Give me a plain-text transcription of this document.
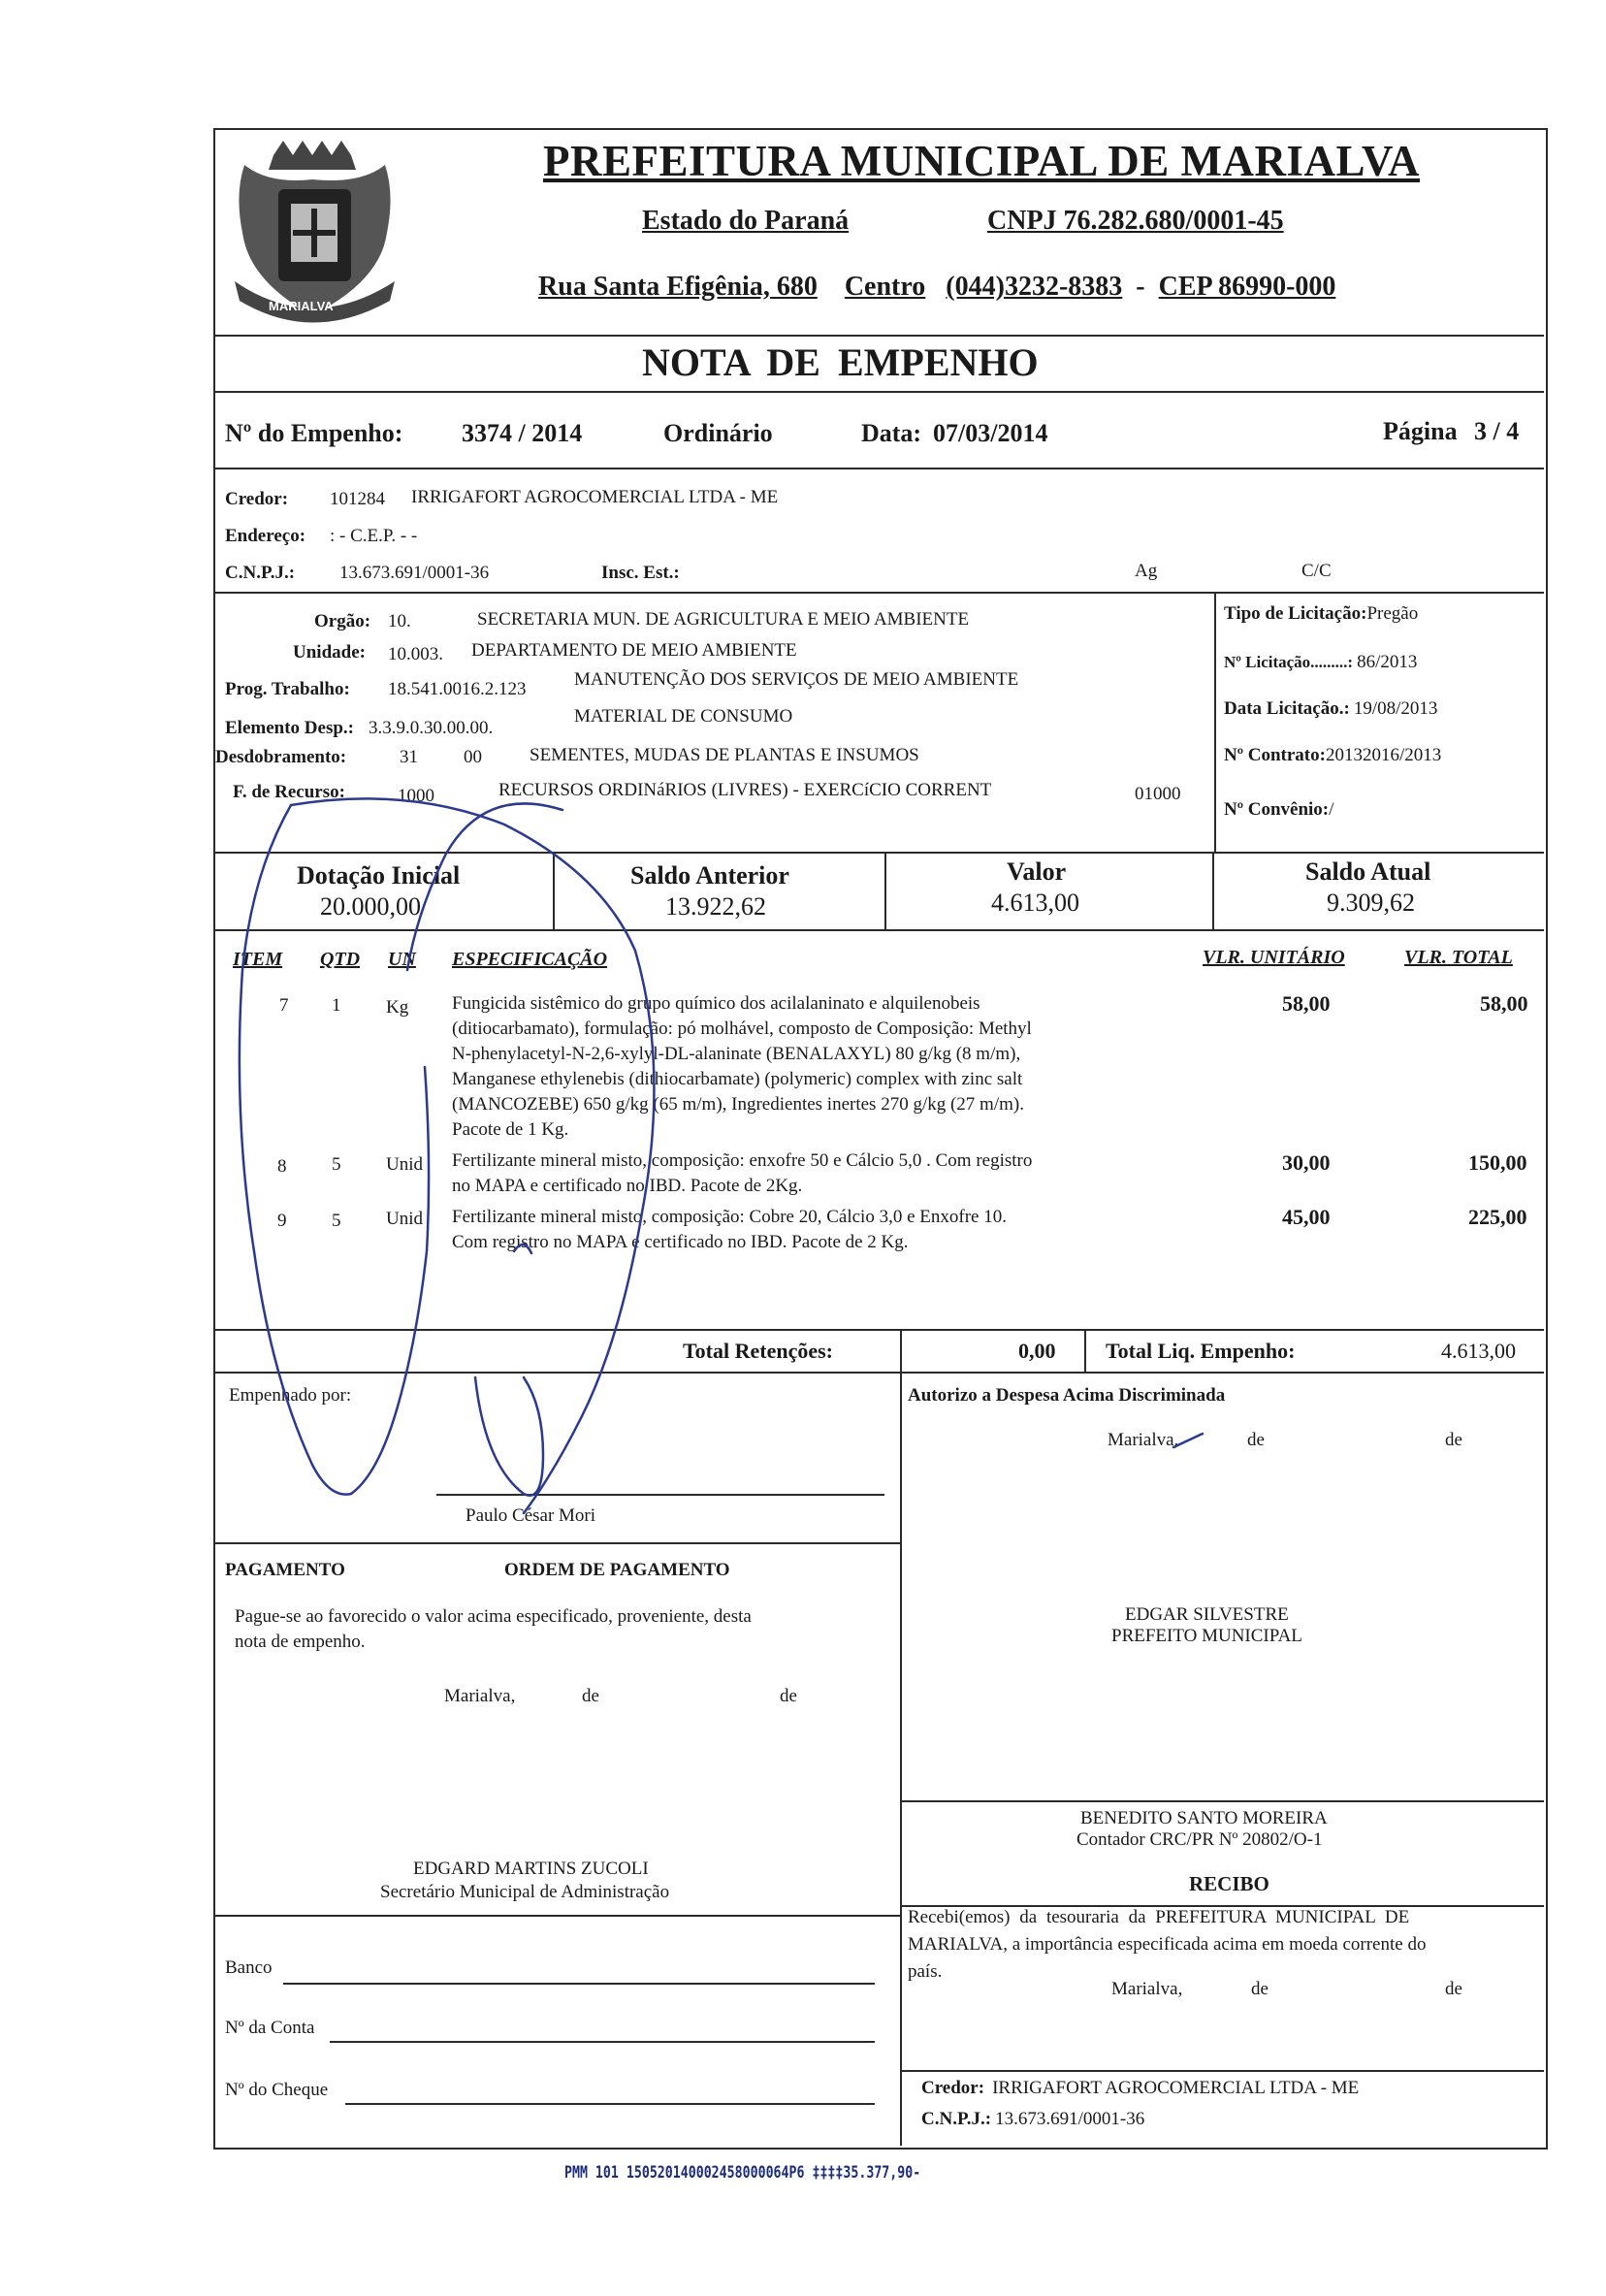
MARIALVA
PREFEITURA MUNICIPAL DE MARIALVA
Estado do Paraná	CNPJ 76.282.680/0001-45
Rua Santa Efigênia, 680 Centro (044)3232-8383 - CEP 86990-000
NOTA DE EMPENHO
Nº do Empenho: 3374 / 2014	Ordinário	Data: 07/03/2014	Página 3 / 4
Credor: 101284 IRRIGAFORT AGROCOMERCIAL LTDA - ME
Endereço: : - C.E.P. - -
C.N.P.J.: 13.673.691/0001-36	Insc. Est.:	Ag	C/C
Orgão: 10.	SECRETARIA MUN. DE AGRICULTURA E MEIO AMBIENTE
Unidade: 10.003. DEPARTAMENTO DE MEIO AMBIENTE
Prog. Trabalho: 18.541.0016.2.123	MANUTENÇÃO DOS SERVIÇOS DE MEIO AMBIENTE
Elemento Desp.: 3.3.9.0.30.00.00.
MATERIAL DE CONSUMO
Desdobramento:	31 00	SEMENTES, MUDAS DE PLANTAS E INSUMOS
F. de Recurso:	1000	RECURSOS ORDINáRIOS (LIVRES) - EXERCíCIO CORRENT	01000
Tipo de Licitação:Pregão
Nº Licitação.........: 86/2013
Data Licitação.: 19/08/2013
Nº Contrato:20132016/2013
Nº Convênio:/
Dotação Inicial
20.000,00
Saldo Anterior
13.922,62
Valor
4.613,00
Saldo Atual
9.309,62
ITEM QTD UN ESPECIFICAÇÃO	VLR. UNITÁRIO	VLR. TOTAL
7 1 Kg Fungicida sistêmico do grupo químico dos acilalaninato e alquilenobeis
(ditiocarbamato), formulação: pó molhável, composto de Composição: Methyl
N-phenylacetyl-N-2,6-xylyl-DL-alaninate (BENALAXYL) 80 g/kg (8 m/m),
Manganese ethylenebis (dithiocarbamate) (polymeric) complex with zinc salt
(MANCOZEBE) 650 g/kg (65 m/m), Ingredientes inertes 270 g/kg (27 m/m).
Pacote de 1 Kg.
58,00	58,00
8 5 Unid Fertilizante mineral misto, composição: enxofre 50 e Cálcio 5,0 . Com registro
no MAPA e certificado no IBD. Pacote de 2Kg.
30,00	150,00
9 5 Unid Fertilizante mineral misto, composição: Cobre 20, Cálcio 3,0 e Enxofre 10.
Com registro no MAPA e certificado no IBD. Pacote de 2 Kg.
45,00	225,00
Total Retenções:	0,00 Total Liq. Empenho:	4.613,00
Empenhado por:
Paulo César Mori
Autorizo a Despesa Acima Discriminada
Marialva,	de	de
PAGAMENTO	ORDEM DE PAGAMENTO
Pague-se ao favorecido o valor acima especificado, proveniente, desta
nota de empenho.
Marialva,	de	de
EDGAR SILVESTRE
PREFEITO MUNICIPAL
BENEDITO SANTO MOREIRA
Contador CRC/PR Nº 20802/O-1
EDGARD MARTINS ZUCOLI
Secretário Municipal de Administração	RECIBO
Recebi(emos) da tesouraria da PREFEITURA MUNICIPAL DE
MARIALVA, a importância especificada acima em moeda corrente do
país.
Marialva,	de	de
Banco
Nº da Conta
Nº do Cheque	Credor: IRRIGAFORT AGROCOMERCIAL LTDA - ME
C.N.P.J.: 13.673.691/0001-36
PMM 101 150520140002458000064P6 ‡‡‡‡35.377,90-
